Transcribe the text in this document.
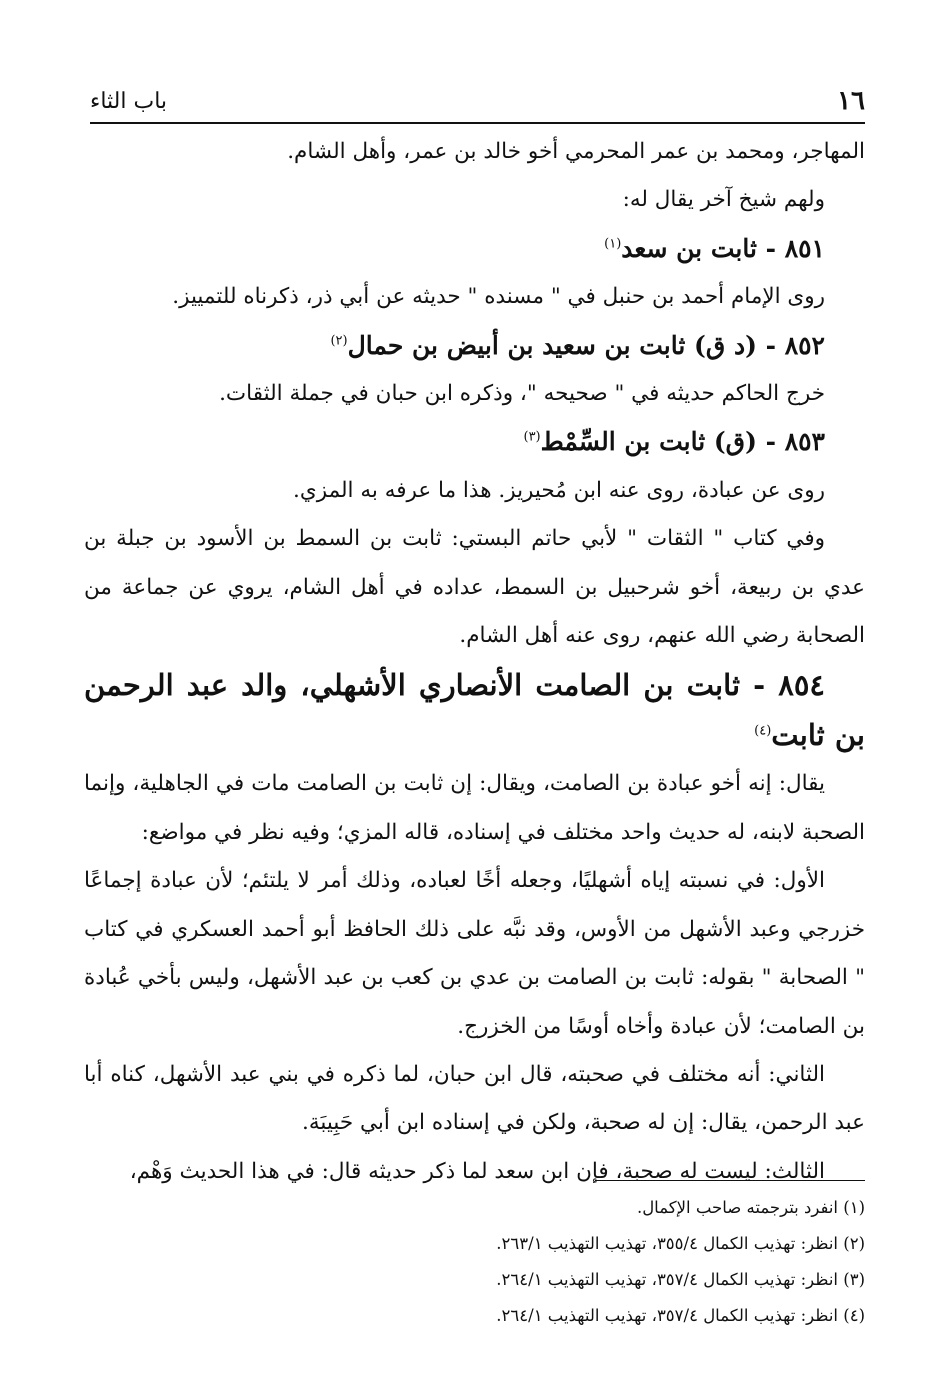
١٦
باب الثاء

المهاجر، ومحمد بن عمر المحرمي أخو خالد بن عمر، وأهل الشام.

ولهم شيخ آخر يقال له:

٨٥١ - ثابت بن سعد$^{(١)}$

روى الإمام أحمد بن حنبل في " مسنده " حديثه عن أبي ذر، ذكرناه للتمييز.

٨٥٢ - (د ق) ثابت بن سعيد بن أبيض بن حمال$^{(٢)}$

خرج الحاكم حديثه في " صحيحه "، وذكره ابن حبان في جملة الثقات.

٨٥٣ - (ق) ثابت بن السِّمْط$^{(٣)}$

روى عن عبادة، روى عنه ابن مُحيريز. هذا ما عرفه به المزي.

وفي كتاب " الثقات " لأبي حاتم البستي: ثابت بن السمط بن الأسود بن جبلة بن عدي بن ربيعة، أخو شرحبيل بن السمط، عداده في أهل الشام، يروي عن جماعة من الصحابة رضي الله عنهم، روى عنه أهل الشام.

٨٥٤ - ثابت بن الصامت الأنصاري الأشهلي، والد عبد الرحمن بن ثابت$^{(٤)}$

يقال: إنه أخو عبادة بن الصامت، ويقال: إن ثابت بن الصامت مات في الجاهلية، وإنما الصحبة لابنه، له حديث واحد مختلف في إسناده، قاله المزي؛ وفيه نظر في مواضع:

الأول: في نسبته إياه أشهليًا، وجعله أخًا لعباده، وذلك أمر لا يلتئم؛ لأن عبادة إجماعًا خزرجي وعبد الأشهل من الأوس، وقد نبَّه على ذلك الحافظ أبو أحمد العسكري في كتاب " الصحابة " بقوله: ثابت بن الصامت بن عدي بن كعب بن عبد الأشهل، وليس بأخي عُبادة بن الصامت؛ لأن عبادة وأخاه أوسًا من الخزرج.

الثاني: أنه مختلف في صحبته، قال ابن حبان، لما ذكره في بني عبد الأشهل، كناه أبا عبد الرحمن، يقال: إن له صحبة، ولكن في إسناده ابن أبي حَبِيبَة.

الثالث: ليست له صحبة، فإن ابن سعد لما ذكر حديثه قال: في هذا الحديث وَهْم،

(١) انفرد بترجمته صاحب الإكمال.
(٢) انظر: تهذيب الكمال ٣٥٥/٤، تهذيب التهذيب ٢٦٣/١.
(٣) انظر: تهذيب الكمال ٣٥٧/٤، تهذيب التهذيب ٢٦٤/١.
(٤) انظر: تهذيب الكمال ٣٥٧/٤، تهذيب التهذيب ٢٦٤/١.
